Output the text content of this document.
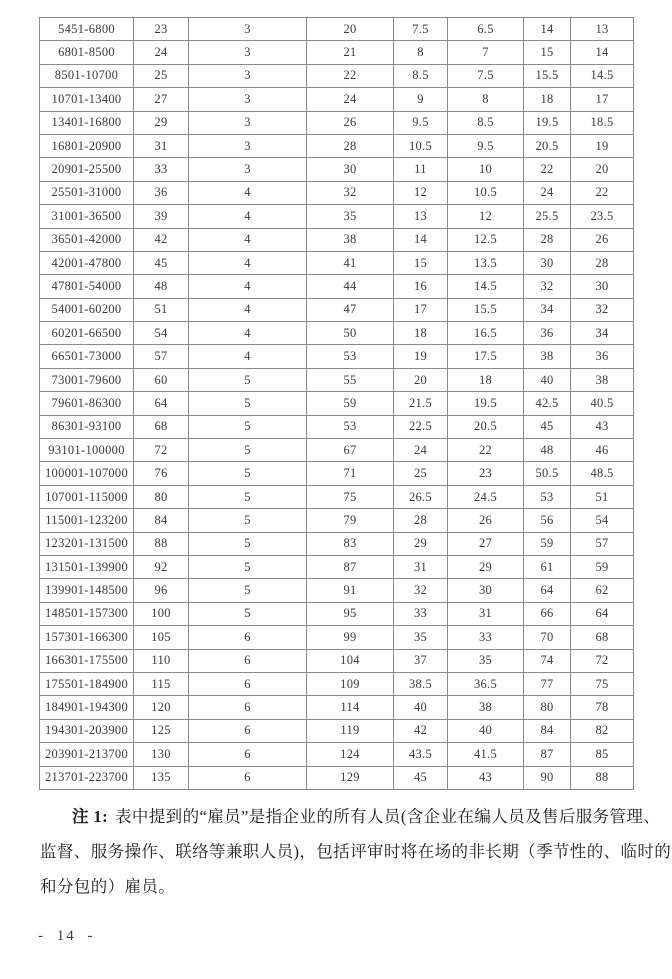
5451-6800	23	3	20	7.5	6.5	14	13
6801-8500	24	3	21	8	7	15	14
8501-10700	25	3	22	8.5	7.5	15.5	14.5
10701-13400	27	3	24	9	8	18	17
13401-16800	29	3	26	9.5	8.5	19.5	18.5
16801-20900	31	3	28	10.5	9.5	20.5	19
20901-25500	33	3	30	11	10	22	20
25501-31000	36	4	32	12	10.5	24	22
31001-36500	39	4	35	13	12	25.5	23.5
36501-42000	42	4	38	14	12.5	28	26
42001-47800	45	4	41	15	13.5	30	28
47801-54000	48	4	44	16	14.5	32	30
54001-60200	51	4	47	17	15.5	34	32
60201-66500	54	4	50	18	16.5	36	34
66501-73000	57	4	53	19	17.5	38	36
73001-79600	60	5	55	20	18	40	38
79601-86300	64	5	59	21.5	19.5	42.5	40.5
86301-93100	68	5	53	22.5	20.5	45	43
93101-100000	72	5	67	24	22	48	46
100001-107000	76	5	71	25	23	50.5	48.5
107001-115000	80	5	75	26.5	24.5	53	51
115001-123200	84	5	79	28	26	56	54
123201-131500	88	5	83	29	27	59	57
131501-139900	92	5	87	31	29	61	59
139901-148500	96	5	91	32	30	64	62
148501-157300	100	5	95	33	31	66	64
157301-166300	105	6	99	35	33	70	68
166301-175500	110	6	104	37	35	74	72
175501-184900	115	6	109	38.5	36.5	77	75
184901-194300	120	6	114	40	38	80	78
194301-203900	125	6	119	42	40	84	82
203901-213700	130	6	124	43.5	41.5	87	85
213701-223700	135	6	129	45	43	90	88
注 1: 表中提到的“雇员”是指企业的所有人员(含企业在编人员及售后服务管理、
监督、服务操作、联络等兼职人员)，包括评审时将在场的非长期（季节性的、临时的
和分包的）雇员。
- 14 -
